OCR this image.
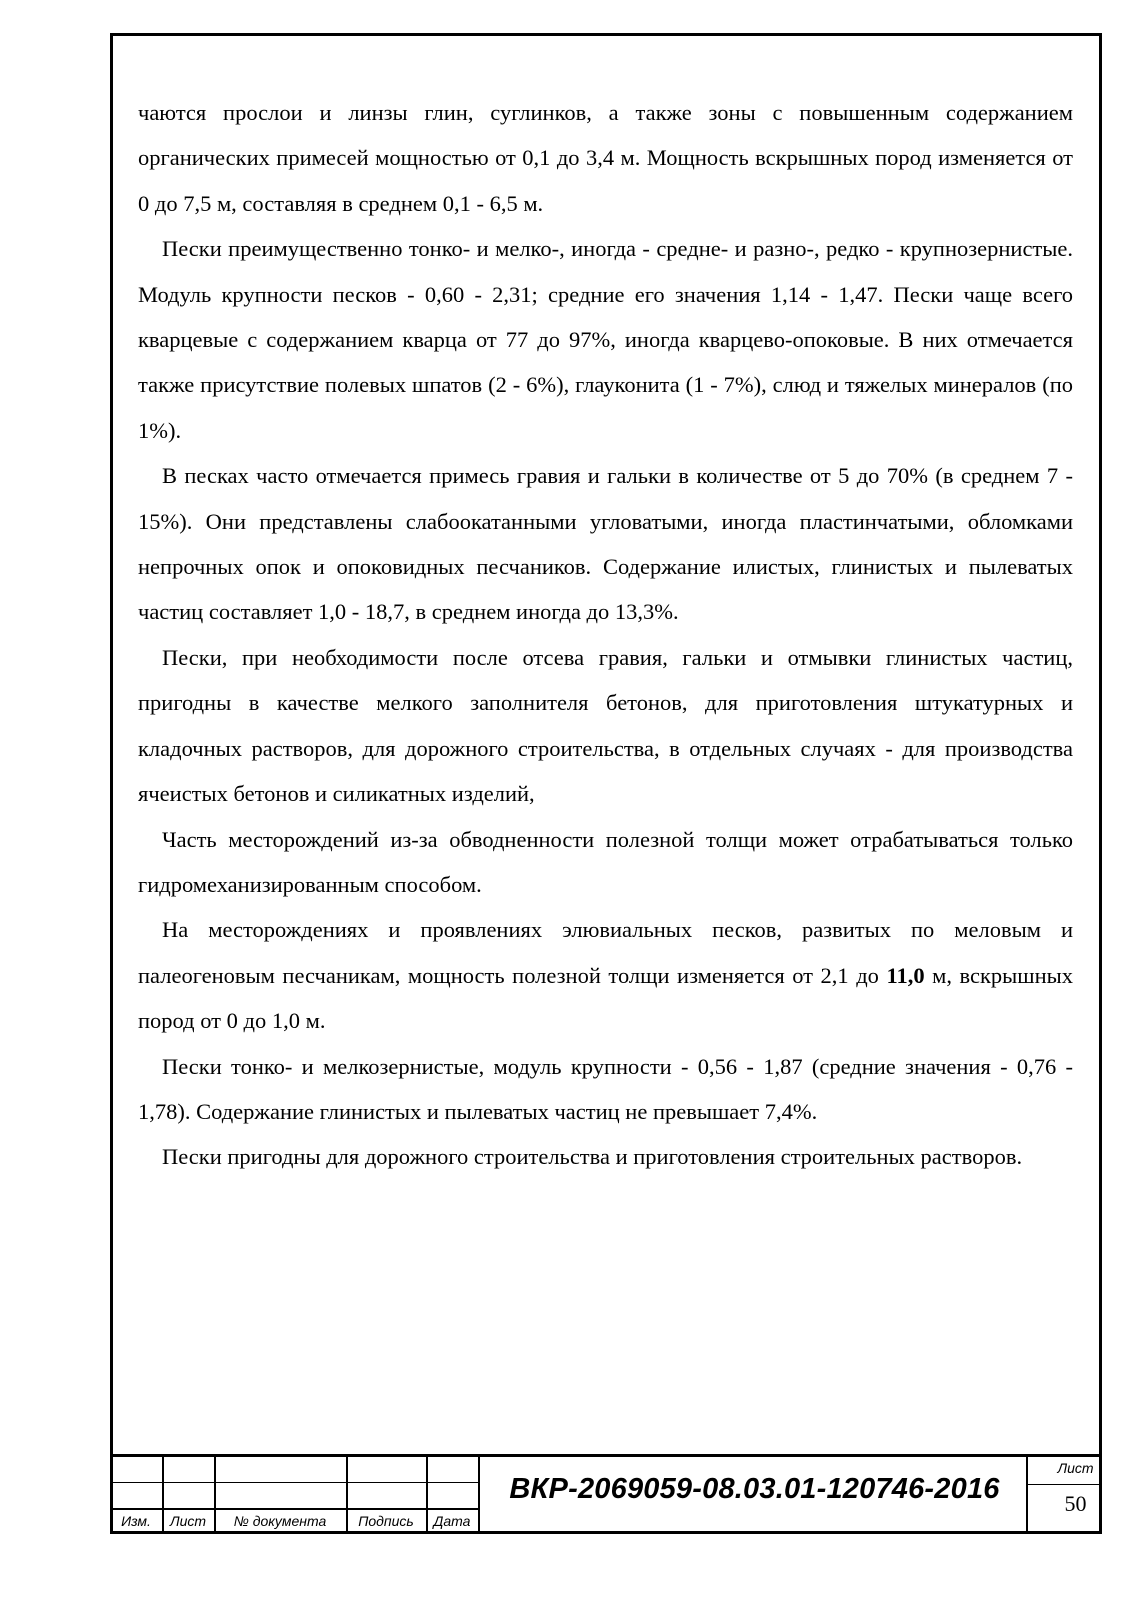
чаются прослои и линзы глин, суглинков, а также зоны с повышенным содержанием органических примесей мощностью от 0,1 до 3,4 м. Мощность вскрышных пород изменяется от 0 до 7,5 м, составляя в среднем 0,1 - 6,5 м.

Пески преимущественно тонко- и мелко-, иногда - средне- и разно-, редко - крупнозернистые. Модуль крупности песков - 0,60 - 2,31; средние его значения 1,14 - 1,47. Пески чаще всего кварцевые с содержанием кварца от 77 до 97%, иногда кварцево-опоковые. В них отмечается также присутствие полевых шпатов (2 - 6%), глауконита (1 - 7%), слюд и тяжелых минералов (по 1%).

В песках часто отмечается примесь гравия и гальки в количестве от 5 до 70% (в среднем 7 - 15%). Они представлены слабоокатанными угловатыми, иногда пластинчатыми, обломками непрочных опок и опоковидных песчаников. Содержание илистых, глинистых и пылеватых частиц составляет 1,0 - 18,7, в среднем иногда до 13,3%.

Пески, при необходимости после отсева гравия, гальки и отмывки глинистых частиц, пригодны в качестве мелкого заполнителя бетонов, для приготовления штукатурных и кладочных растворов, для дорожного строительства, в отдельных случаях - для производства ячеистых бетонов и силикатных изделий,

Часть месторождений из-за обводненности полезной толщи может отрабатываться только гидромеханизированным способом.

На месторождениях и проявлениях элювиальных песков, развитых по меловым и палеогеновым песчаникам, мощность полезной толщи изменяется от 2,1 до 11,0 м, вскрышных пород от 0 до 1,0 м.

Пески тонко- и мелкозернистые, модуль крупности - 0,56 - 1,87 (средние значения - 0,76 - 1,78). Содержание глинистых и пылеватых частиц не превышает 7,4%.

Пески пригодны для дорожного строительства и приготовления строительных растворов.

Изм.	Лист	№ документа	Подпись	Дата
ВКР-2069059-08.03.01-120746-2016
Лист
50
